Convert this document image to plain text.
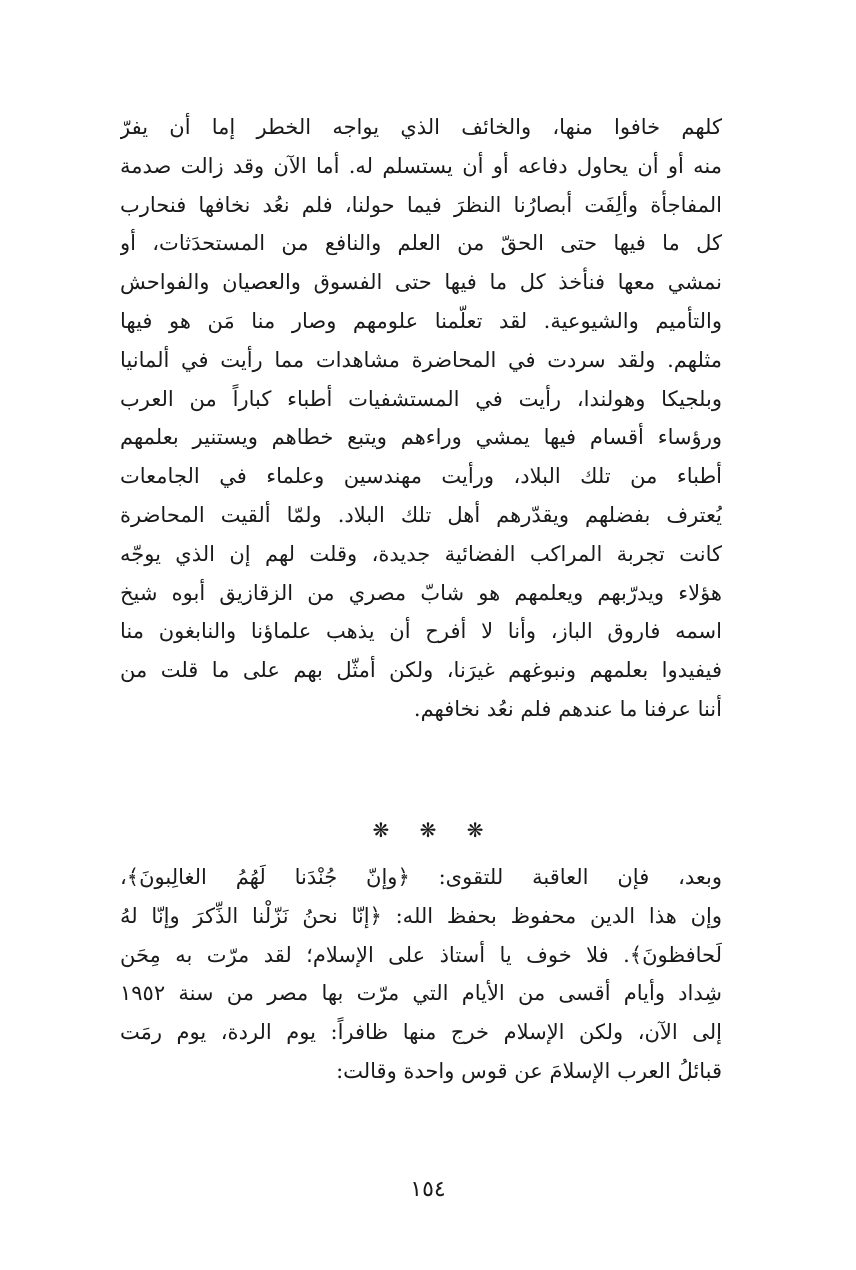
كلهم خافوا منها، والخائف الذي يواجه الخطر إما أن يفرّ
منه أو أن يحاول دفاعه أو أن يستسلم له. أما الآن وقد زالت صدمة
المفاجأة وألِفَت أبصارُنا النظرَ فيما حولنا، فلم نعُد نخافها فنحارب
كل ما فيها حتى الحقّ من العلم والنافع من المستحدَثات، أو
نمشي معها فنأخذ كل ما فيها حتى الفسوق والعصيان والفواحش
والتأميم والشيوعية. لقد تعلّمنا علومهم وصار منا مَن هو فيها
مثلهم. ولقد سردت في المحاضرة مشاهدات مما رأيت في ألمانيا
وبلجيكا وهولندا، رأيت في المستشفيات أطباء كباراً من العرب
ورؤساء أقسام فيها يمشي وراءهم ويتبع خطاهم ويستنير بعلمهم
أطباء من تلك البلاد، ورأيت مهندسين وعلماء في الجامعات
يُعترف بفضلهم ويقدّرهم أهل تلك البلاد. ولمّا ألقيت المحاضرة
كانت تجربة المراكب الفضائية جديدة، وقلت لهم إن الذي يوجّه
هؤلاء ويدرّبهم ويعلمهم هو شابّ مصري من الزقازيق أبوه شيخ
اسمه فاروق الباز، وأنا لا أفرح أن يذهب علماؤنا والنابغون منا
فيفيدوا بعلمهم ونبوغهم غيرَنا، ولكن أمثّل بهم على ما قلت من
أننا عرفنا ما عندهم فلم نعُد نخافهم.
❋ ❋ ❋
وبعد، فإن العاقبة للتقوى: ﴿وإنّ جُنْدَنا لَهُمُ الغالِبونَ﴾،
وإن هذا الدين محفوظ بحفظ الله: ﴿إنّا نحنُ نَزّلْنا الذِّكرَ وإنّا لهُ
لَحافظونَ﴾. فلا خوف يا أستاذ على الإسلام؛ لقد مرّت به مِحَن
شِداد وأيام أقسى من الأيام التي مرّت بها مصر من سنة ١٩٥٢
إلى الآن، ولكن الإسلام خرج منها ظافراً: يوم الردة، يوم رمَت
قبائلُ العرب الإسلامَ عن قوس واحدة وقالت:
١٥٤
